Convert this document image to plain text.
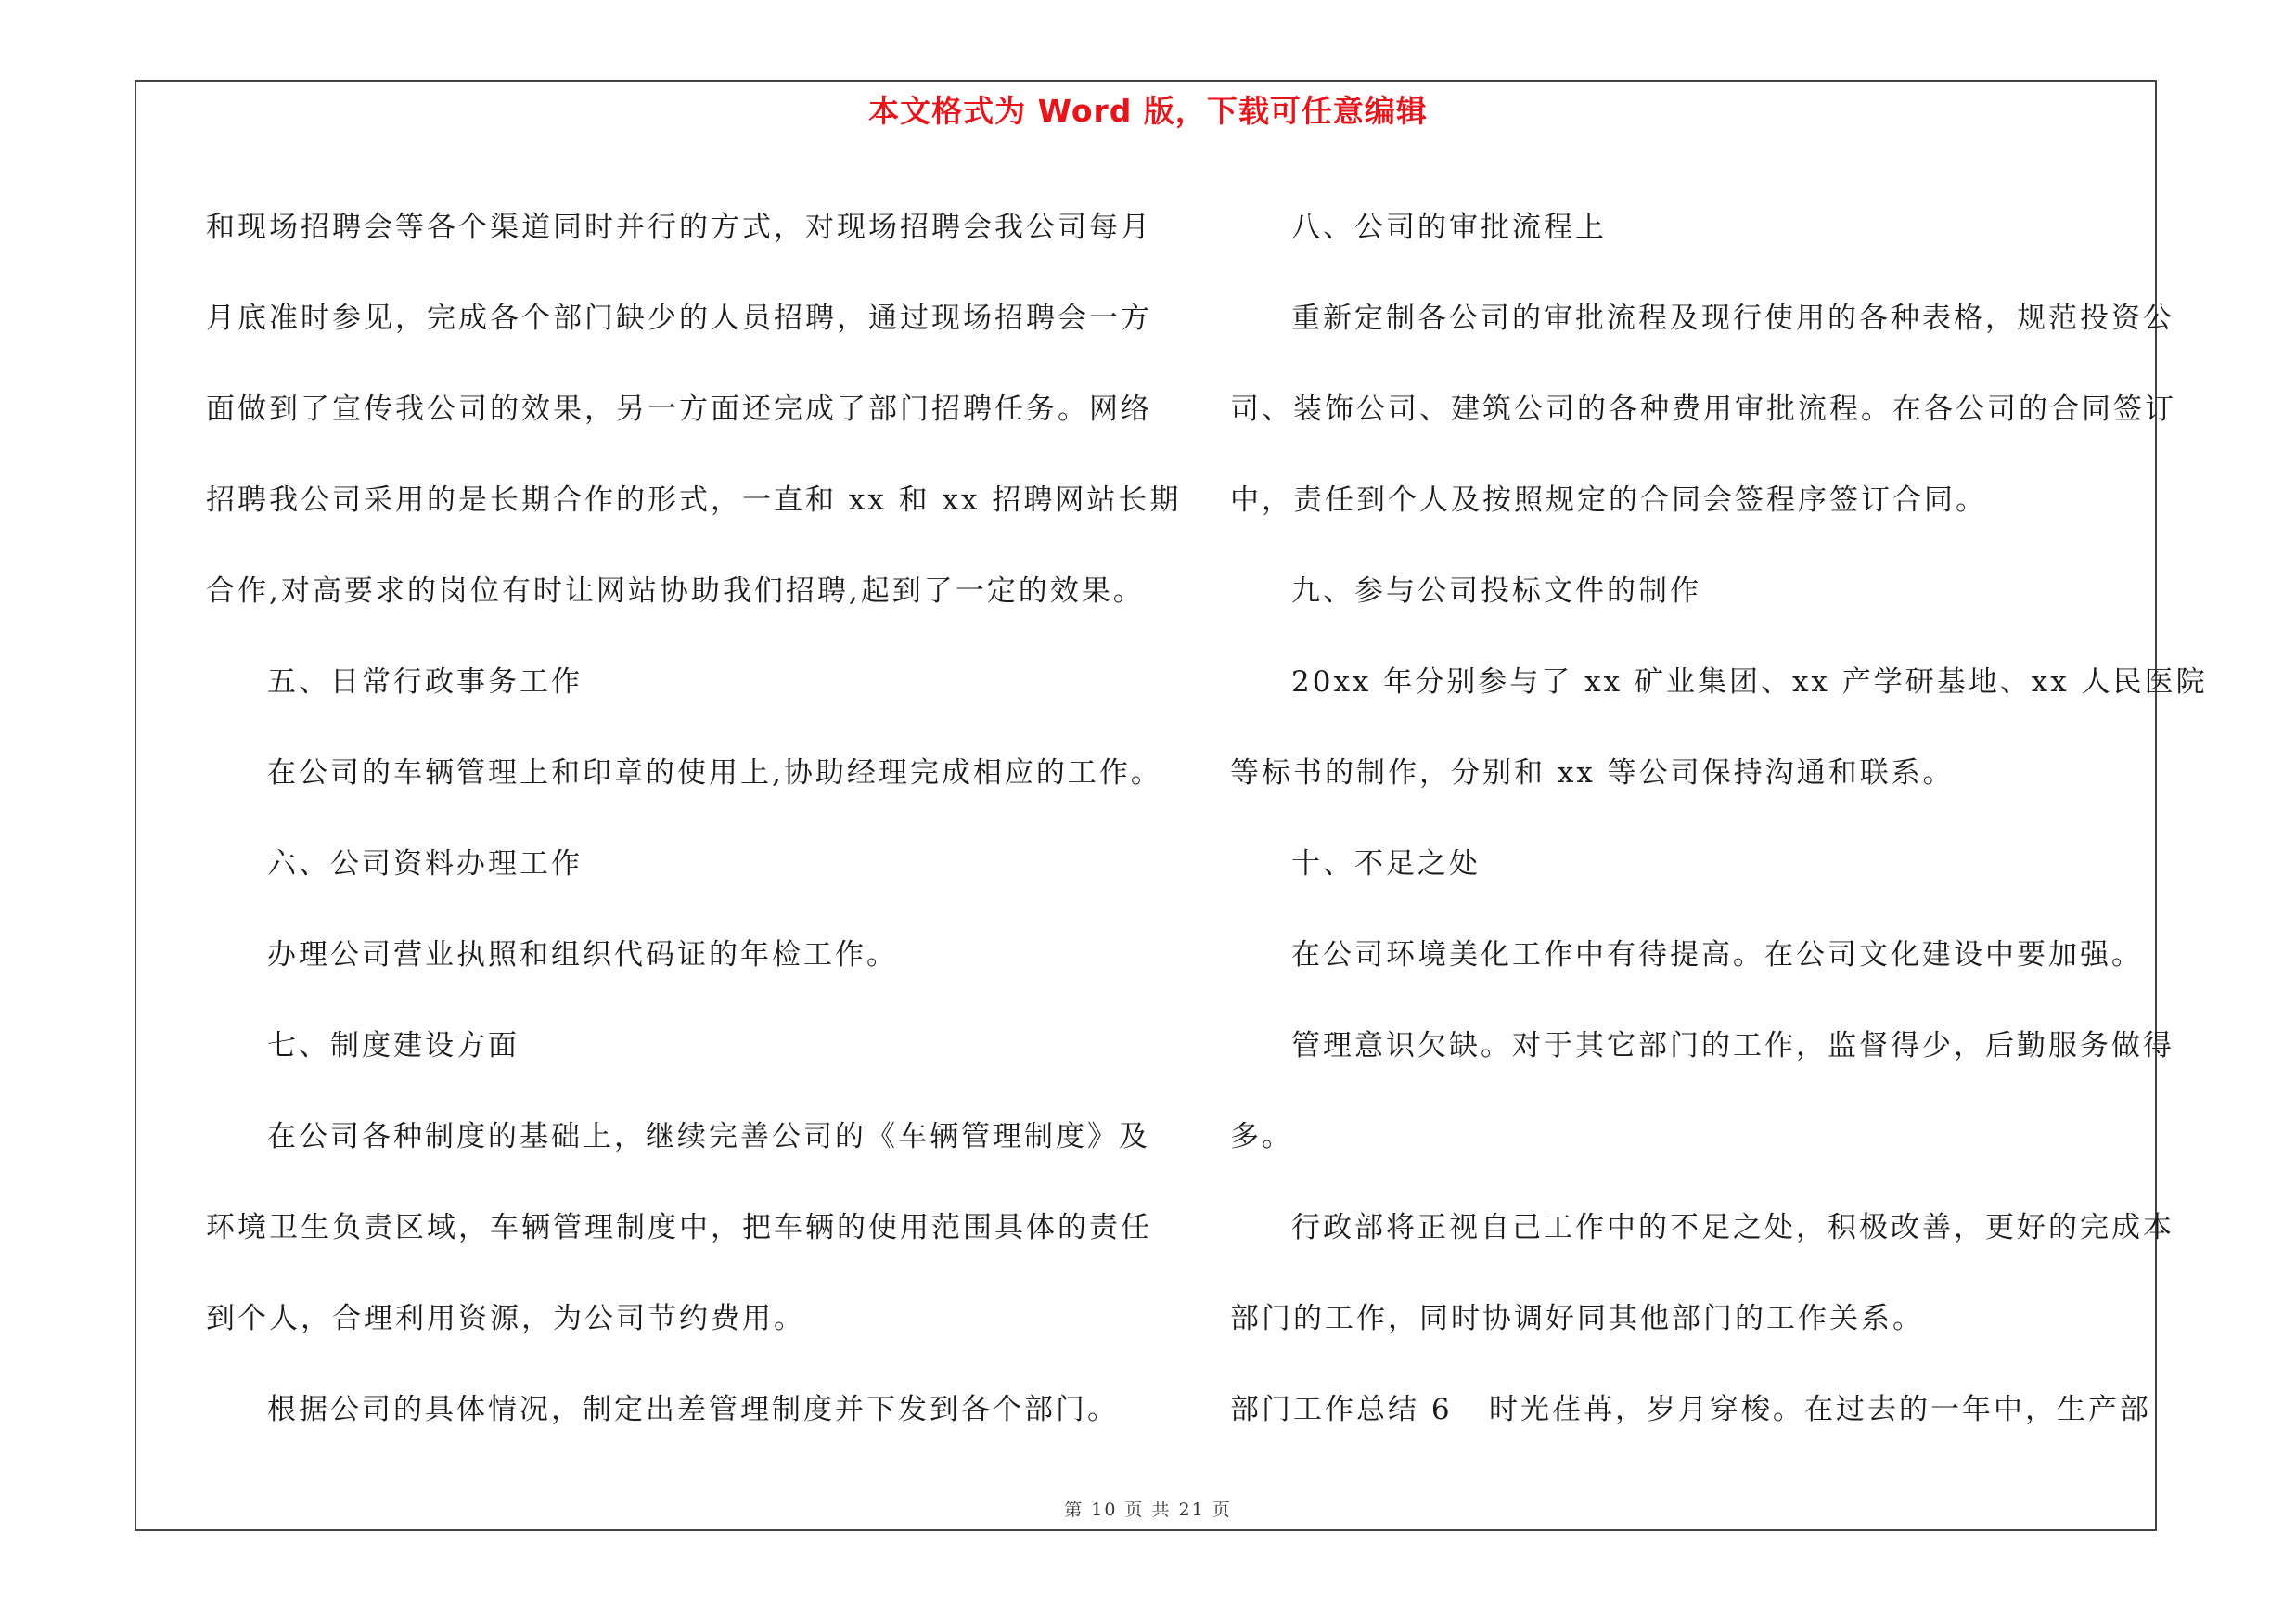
本文格式为 Word 版，下载可任意编辑

和现场招聘会等各个渠道同时并行的方式，对现场招聘会我公司每月

月底准时参见，完成各个部门缺少的人员招聘，通过现场招聘会一方

面做到了宣传我公司的效果，另一方面还完成了部门招聘任务。网络

招聘我公司采用的是长期合作的形式，一直和 xx 和 xx 招聘网站长期

合作,对高要求的岗位有时让网站协助我们招聘,起到了一定的效果。

五、日常行政事务工作

在公司的车辆管理上和印章的使用上,协助经理完成相应的工作。

六、公司资料办理工作

办理公司营业执照和组织代码证的年检工作。

七、制度建设方面

在公司各种制度的基础上，继续完善公司的《车辆管理制度》及

环境卫生负责区域，车辆管理制度中，把车辆的使用范围具体的责任

到个人，合理利用资源，为公司节约费用。

根据公司的具体情况，制定出差管理制度并下发到各个部门。

八、公司的审批流程上

重新定制各公司的审批流程及现行使用的各种表格，规范投资公

司、装饰公司、建筑公司的各种费用审批流程。在各公司的合同签订

中，责任到个人及按照规定的合同会签程序签订合同。

九、参与公司投标文件的制作

20xx 年分别参与了 xx 矿业集团、xx 产学研基地、xx 人民医院

等标书的制作，分别和 xx 等公司保持沟通和联系。

十、不足之处

在公司环境美化工作中有待提高。在公司文化建设中要加强。

管理意识欠缺。对于其它部门的工作，监督得少，后勤服务做得

多。

行政部将正视自己工作中的不足之处，积极改善，更好的完成本

部门的工作，同时协调好同其他部门的工作关系。

部门工作总结 6 时光荏苒，岁月穿梭。在过去的一年中，生产部
第 10 页 共 21 页
